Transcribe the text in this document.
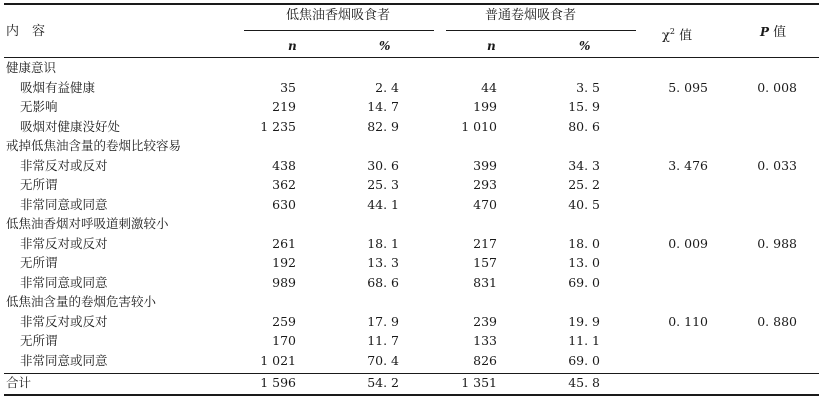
低焦油香烟吸食者	普通卷烟吸食者
内　容	$\chi^2$ 值	P 值
n	%	n	%
健康意识
吸烟有益健康	35	2. 4	44	3. 5	5. 095	0. 008
无影响	219	14. 7	199	15. 9
吸烟对健康没好处	1 235	82. 9	1 010	80. 6
戒掉低焦油含量的卷烟比较容易
非常反对或反对	438	30. 6	399	34. 3	3. 476	0. 033
无所谓	362	25. 3	293	25. 2
非常同意或同意	630	44. 1	470	40. 5
低焦油香烟对呼吸道刺激较小
非常反对或反对	261	18. 1	217	18. 0	0. 009	0. 988
无所谓	192	13. 3	157	13. 0
非常同意或同意	989	68. 6	831	69. 0
低焦油含量的卷烟危害较小
非常反对或反对	259	17. 9	239	19. 9	0. 110	0. 880
无所谓	170	11. 7	133	11. 1
非常同意或同意	1 021	70. 4	826	69. 0
合计	1 596	54. 2	1 351	45. 8
